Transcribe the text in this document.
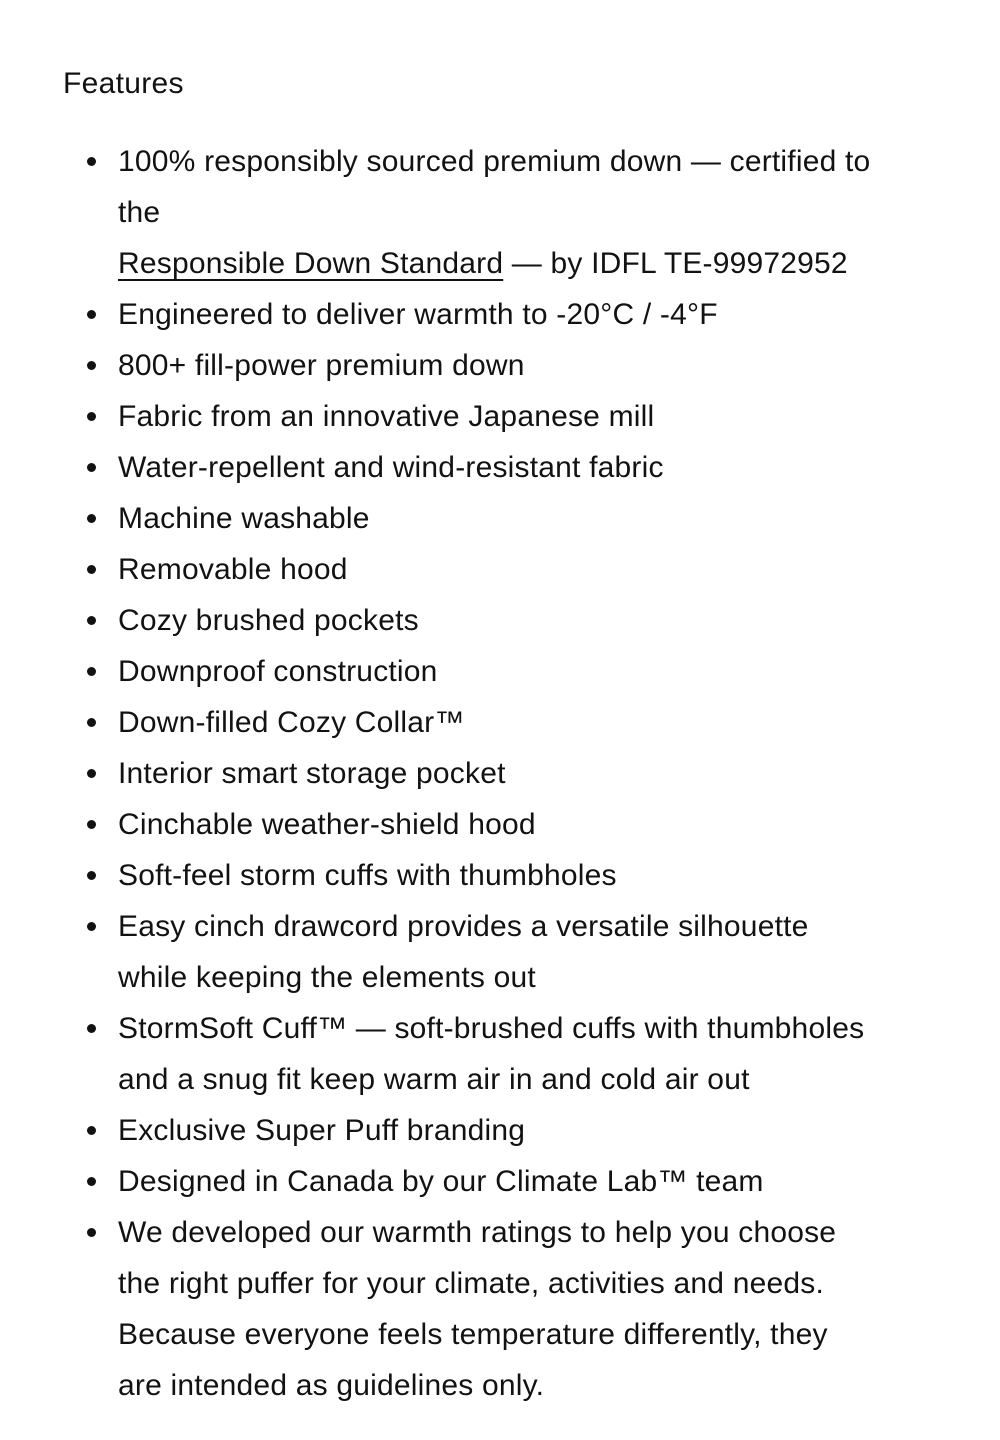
Features
100% responsibly sourced premium down — certified to
the
Responsible Down Standard — by IDFL TE-99972952
Engineered to deliver warmth to -20°C / -4°F
800+ fill-power premium down
Fabric from an innovative Japanese mill
Water-repellent and wind-resistant fabric
Machine washable
Removable hood
Cozy brushed pockets
Downproof construction
Down-filled Cozy Collar™
Interior smart storage pocket
Cinchable weather-shield hood
Soft-feel storm cuffs with thumbholes
Easy cinch drawcord provides a versatile silhouette
while keeping the elements out
StormSoft Cuff™ — soft-brushed cuffs with thumbholes
and a snug fit keep warm air in and cold air out
Exclusive Super Puff branding
Designed in Canada by our Climate Lab™ team
We developed our warmth ratings to help you choose
the right puffer for your climate, activities and needs.
Because everyone feels temperature differently, they
are intended as guidelines only.
